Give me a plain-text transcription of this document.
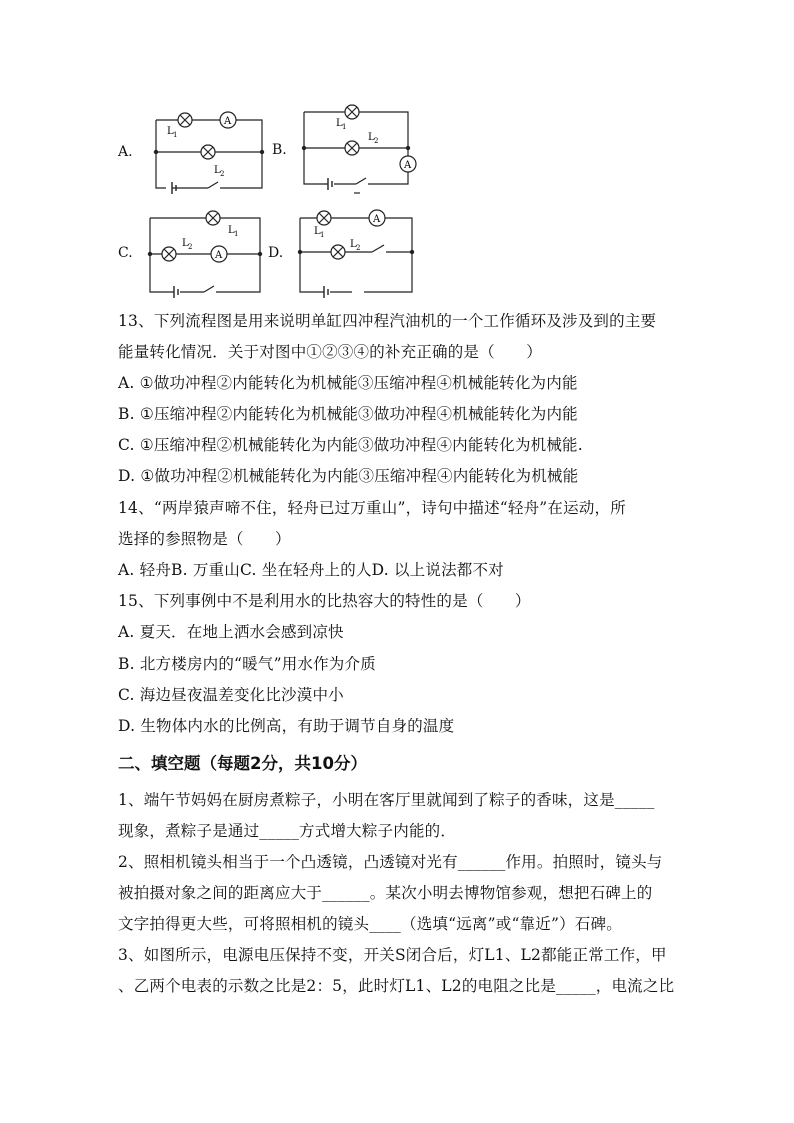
A.
A
L 1
L 2
B.
A
L 1
L 2
C.	A
L 1
L 2	D.
A
L 1
L 2
13、下列流程图是用来说明单缸四冲程汽油机的一个工作循环及涉及到的主要
能量转化情况．关于对图中①②③④的补充正确的是（　　）
A. ①做功冲程②内能转化为机械能③压缩冲程④机械能转化为内能
B. ①压缩冲程②内能转化为机械能③做功冲程④机械能转化为内能
C. ①压缩冲程②机械能转化为内能③做功冲程④内能转化为机械能.
D. ①做功冲程②机械能转化为内能③压缩冲程④内能转化为机械能
14、“两岸猿声啼不住，轻舟已过万重山”，诗句中描述“轻舟”在运动，所
选择的参照物是（　　）
A. 轻舟B. 万重山C. 坐在轻舟上的人D. 以上说法都不对
15、下列事例中不是利用水的比热容大的特性的是（　　）
A. 夏天．在地上洒水会感到凉快
B. 北方楼房内的“暖气”用水作为介质
C. 海边昼夜温差变化比沙漠中小
D. 生物体内水的比例高，有助于调节自身的温度
二、填空题（每题2分，共10分）
1、端午节妈妈在厨房煮粽子，小明在客厅里就闻到了粽子的香味，这是_____
现象，煮粽子是通过_____方式增大粽子内能的．
2、照相机镜头相当于一个凸透镜，凸透镜对光有______作用。拍照时，镜头与
被拍摄对象之间的距离应大于______。某次小明去博物馆参观，想把石碑上的
文字拍得更大些，可将照相机的镜头____（选填“远离”或“靠近”）石碑。
3、如图所示，电源电压保持不变，开关S闭合后，灯L1、L2都能正常工作，甲
、乙两个电表的示数之比是2：5，此时灯L1、L2的电阻之比是_____，电流之比
